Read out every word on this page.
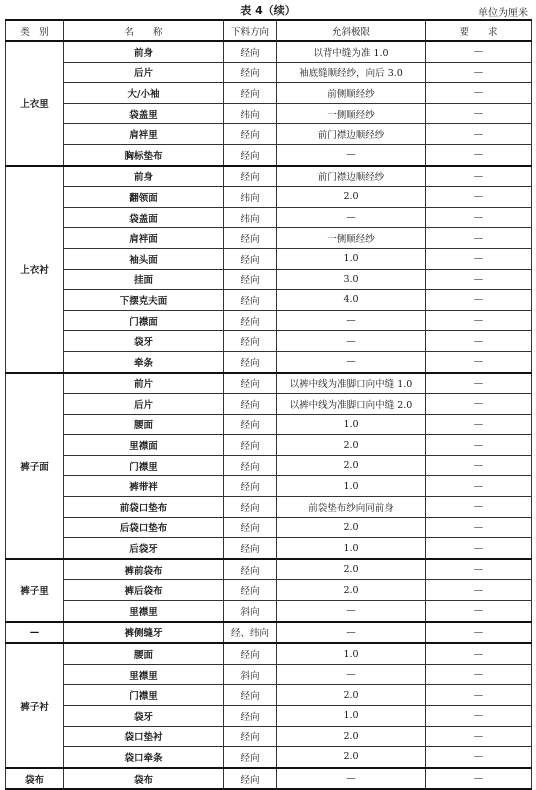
表 4（续）	单位为厘米
类　别	名　　称	下料方向	允斜极限	要　　求
上衣里	前身	经向	以背中缝为准 1.0	—
	后片	经向	袖底缝顺经纱，向后 3.0	—
	大/小袖	经向	前侧顺经纱	—
	袋盖里	纬向	一侧顺经纱	—
	肩袢里	经向	前门襟边顺经纱	—
	胸标垫布	经向	—	—
上衣衬	前身	经向	前门襟边顺经纱	—
	翻领面	纬向	2.0	—
	袋盖面	纬向	—	—
	肩袢面	经向	一侧顺经纱	—
	袖头面	经向	1.0	—
	挂面	经向	3.0	—
	下摆克夫面	经向	4.0	—
	门襟面	经向	—	—
	袋牙	经向	—	—
	牵条	经向	—	—
裤子面	前片	经向	以裤中线为准脚口向中缝 1.0	—
	后片	经向	以裤中线为准脚口向中缝 2.0	—
	腰面	经向	1.0	—
	里襟面	经向	2.0	—
	门襟里	经向	2.0	—
	裤带袢	经向	1.0	—
	前袋口垫布	经向	前袋垫布纱向同前身	—
	后袋口垫布	经向	2.0	—
	后袋牙	经向	1.0	—
裤子里	裤前袋布	经向	2.0	—
	裤后袋布	经向	2.0	—
	里襟里	斜向	—	—
—	裤侧缝牙	经、纬向	—	—
裤子衬	腰面	经向	1.0	—
	里襟里	斜向	—	—
	门襟里	经向	2.0	—
	袋牙	经向	1.0	—
	袋口垫衬	经向	2.0	—
	袋口牵条	经向	2.0	—
袋布	袋布	经向	—	—
